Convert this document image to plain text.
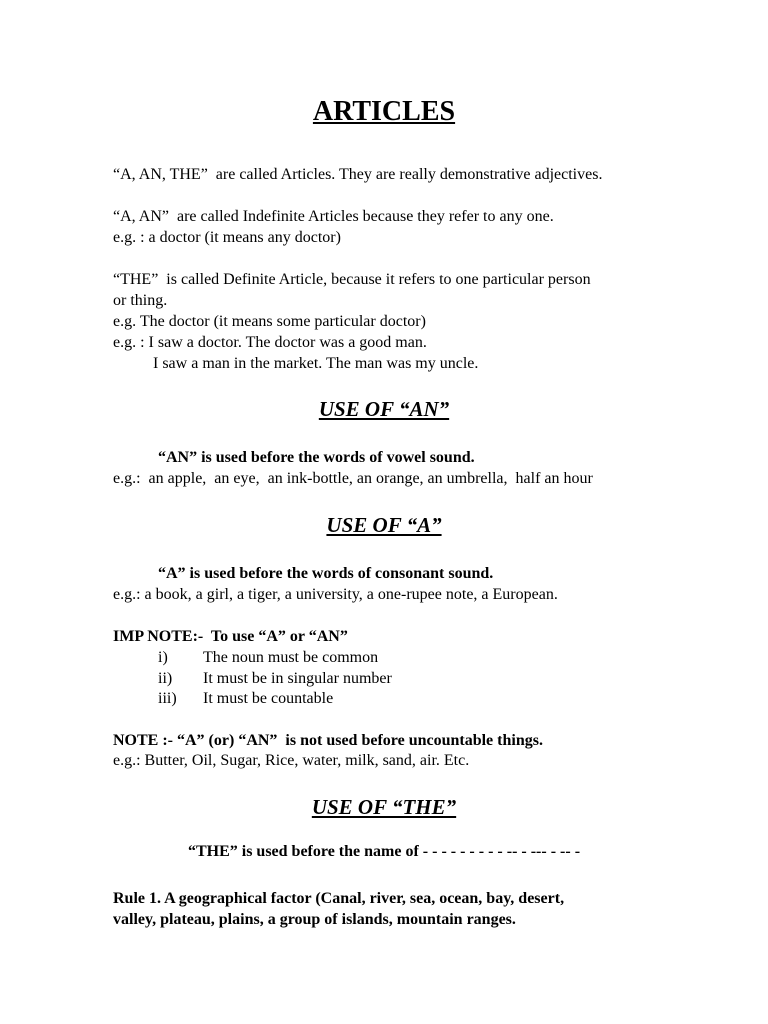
ARTICLES
“A, AN, THE”  are called Articles. They are really demonstrative adjectives.
“A, AN”  are called Indefinite Articles because they refer to any one.
e.g. : a doctor (it means any doctor)
“THE”  is called Definite Article, because it refers to one particular person
or thing.
e.g. The doctor (it means some particular doctor)
e.g. : I saw a doctor. The doctor was a good man.
I saw a man in the market. The man was my uncle.
USE OF “AN”
“AN” is used before the words of vowel sound.
e.g.:  an apple,  an eye,  an ink-bottle, an orange, an umbrella,  half an hour
USE OF “A”
“A” is used before the words of consonant sound.
e.g.: a book, a girl, a tiger, a university, a one-rupee note, a European.
IMP NOTE:-  To use “A” or “AN”
i) The noun must be common
ii) It must be in singular number
iii) It must be countable
NOTE :- “A” (or) “AN”  is not used before uncountable things.
e.g.: Butter, Oil, Sugar, Rice, water, milk, sand, air. Etc.
USE OF “THE”
“THE” is used before the name of - - - - - - - - - -- - --- - -- -
Rule 1. A geographical factor (Canal, river, sea, ocean, bay, desert,
valley, plateau, plains, a group of islands, mountain ranges.
